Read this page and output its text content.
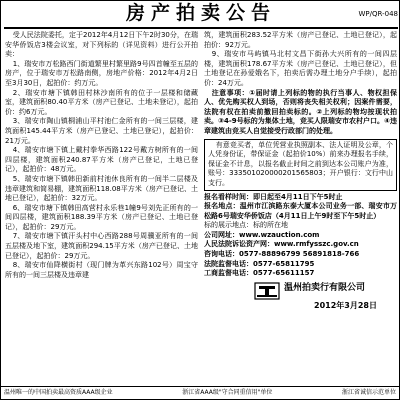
房产拍卖公告	WP/QR-048

受人民法院委托，定于2012年4月12日下午2时30分，在瑞安华侨饭店3楼会议室，对下列标的（详见资料）进行公开拍卖：

1、瑞安市万松路西门街道繁里村繁里路9号四首幢至五层的房产，位于瑞安市万松路南侧，房地产价格：2012年4月2日至3月30日，起拍价：约万元。

2、瑞安市塘下镇韩田村林沙南所有的位于一层楼和储藏室，建筑面积80.40平方米（房产已登记、土地未登记），起拍价：约6万元。

3、瑞安市陶山镇桐浦山平村池仁金所有的一间三层楼，建筑面积145.44平方米（房产已登记、土地已登记），起拍价：21万元。

4、瑞安市塘下镇上戴村拳华西路122号戴方树所有的一间四层楼，建筑面积240.87平方米（房产已登记，土地已登记），起拍价：48万元。

5、瑞安市塘下镇韩田新前村池休良所有的一间半二层楼及违章建筑和简易棚，建筑面积118.08平方米（房产已登记、土地已登记），起拍价：32万元。

6、瑞安市塘下镇韩田高营村永乐巷1幢9号刘先正所有的一间四层楼，建筑面积188.39平方米（房产已登记、土地已登记），起拍价：29万元。

7、瑞安市塘下镇汗头村中心西路288号周骥亚所有的一间五层楼及地下室，建筑面积294.15平方米（房产已登记、土地已登记），起拍价：29万元。

8、瑞安市仙降横街村（现门牌为革兴东路102号）周宝守所有的一间三层楼及违章建

筑，建筑面积283.52平方米（房产已登记、土地已登记），起拍价：92万元。

9、瑞安市马屿镇马北村文昌下街孙大兴所有的一间四层楼，建筑面积178.67平方米（房产已登记、土地已登记），但土地登记在孙爱娥名下，拍卖后需办理土地分户手续），起拍价：24万元。

注意事项：①届时请上列标的物的执行当事人、物权担保人、优先购买权人到场，否则将丧失相关权利；因案件需要，法院有权在拍卖前撤回拍卖标的。②上列标的物均按现状拍卖。③4-9号标的为集体土地，竞买人限瑞安市农村户口。④违章建筑由竞买人自觉接受行政部门的处理。

有意竞买者，单位凭营业执照副本、法人证明及公章，个人凭身份证，带保证金（起拍价10%）前来办理报名手续，保证金不计息，以报名截止时间之前到达本公司账户为准，账号：333501020000201565803；开户银行：文行中山支行。

报名看样时间：即日起至4月11日下午5时止

报名地点：温州市江滨路东泰大厦本公司业务一部、瑞安市万松路6号瑞安华侨饭店（4月11日上午9时至下午5时止）

标的展示地点：标的所在地

公司网址：www.wzauction.com

人民法院诉讼资产网：www.rmfysszc.gov.cn

咨询电话：0577-88896799 56891818-766

法院监督电话：0577-65811795

工商监督电话：0577-65611157

温州拍卖行有限公司

2012年3月28日

温州唯一的中国拍卖最高资质AAA级企业	浙江省AAA级"守合同重信用"单位	浙江省诚信示范单位
